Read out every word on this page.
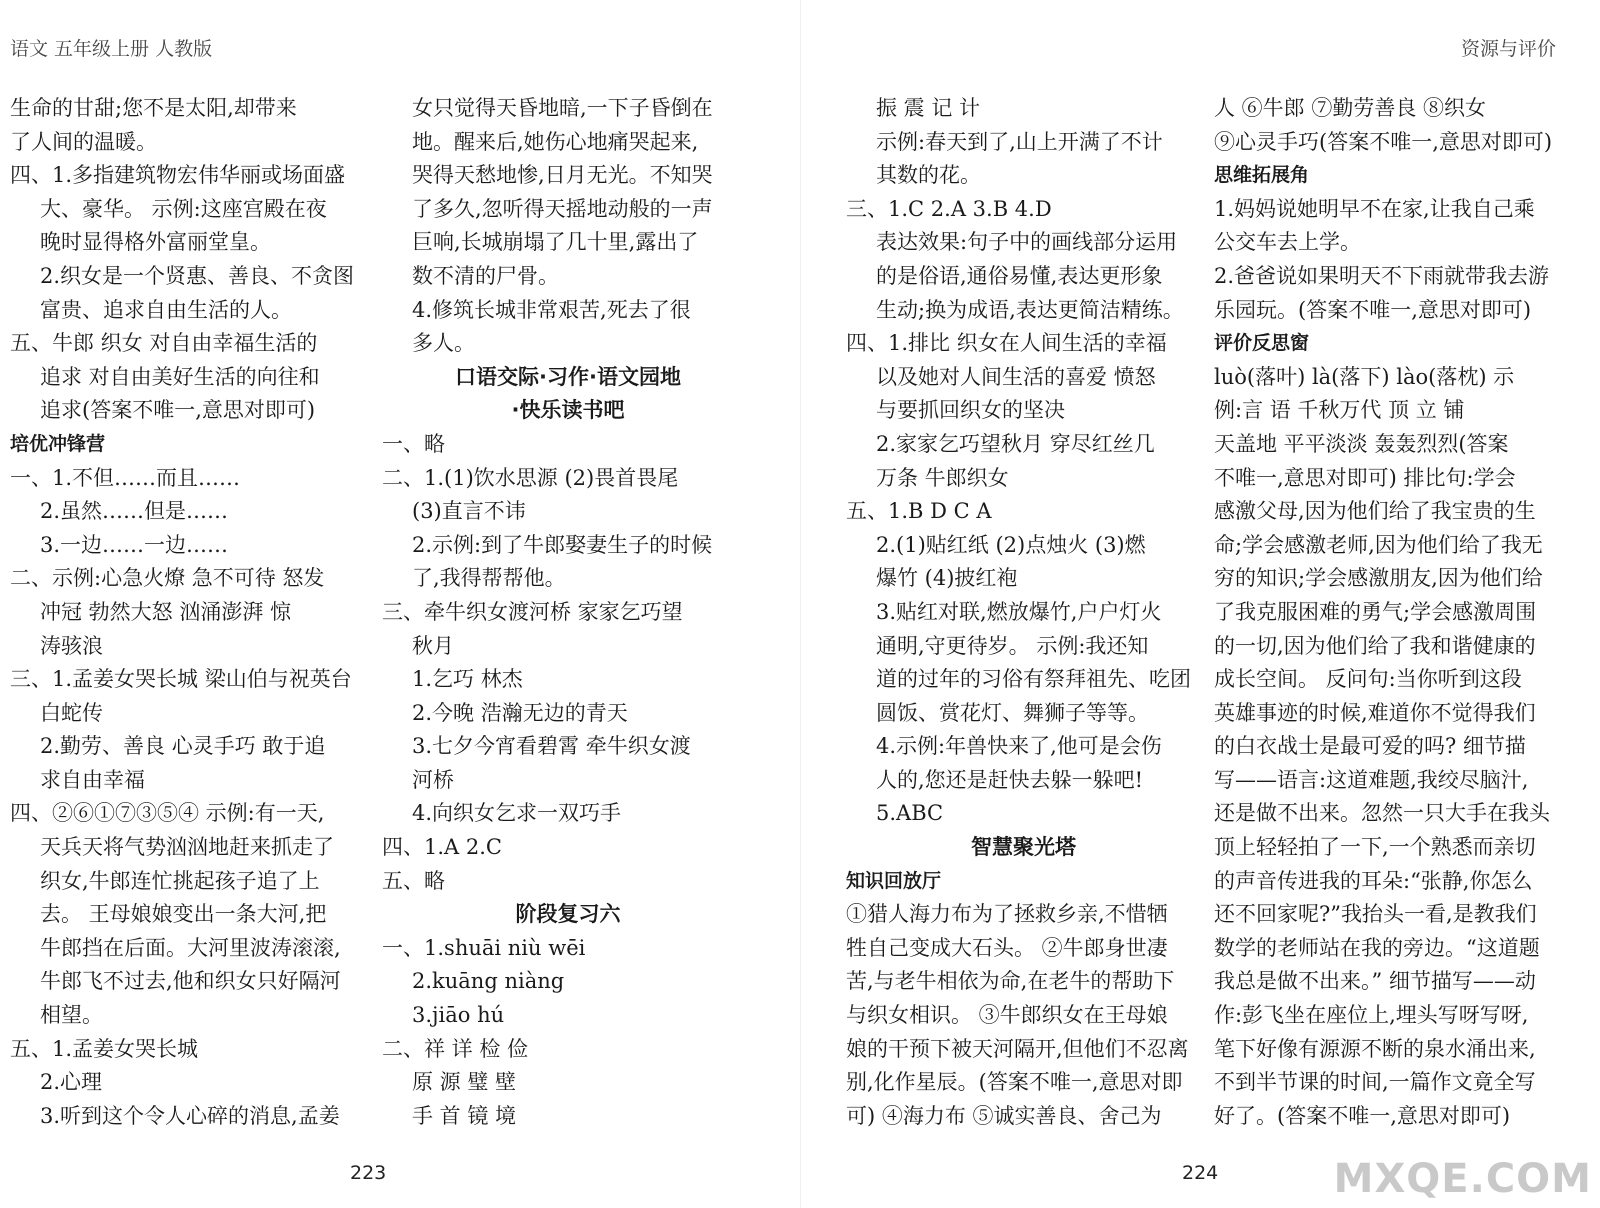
语文 五年级上册 人教版	资源与评价
生命的甘甜;您不是太阳,却带来
了人间的温暖。
四、1.多指建筑物宏伟华丽或场面盛
大、豪华。 示例:这座宫殿在夜
晚时显得格外富丽堂皇。
2.织女是一个贤惠、善良、不贪图
富贵、追求自由生活的人。
五、牛郎 织女 对自由幸福生活的
追求 对自由美好生活的向往和
追求(答案不唯一,意思对即可)
培优冲锋营
一、1.不但……而且……
2.虽然……但是……
3.一边……一边……
二、示例:心急火燎 急不可待 怒发
冲冠 勃然大怒 汹涌澎湃 惊
涛骇浪
三、1.孟姜女哭长城 梁山伯与祝英台
白蛇传
2.勤劳、善良 心灵手巧 敢于追
求自由幸福
四、②⑥①⑦③⑤④ 示例:有一天,
天兵天将气势汹汹地赶来抓走了
织女,牛郎连忙挑起孩子追了上
去。 王母娘娘变出一条大河,把
牛郎挡在后面。大河里波涛滚滚,
牛郎飞不过去,他和织女只好隔河
相望。
五、1.孟姜女哭长城
2.心理
3.听到这个令人心碎的消息,孟姜
女只觉得天昏地暗,一下子昏倒在
地。醒来后,她伤心地痛哭起来,
哭得天愁地惨,日月无光。不知哭
了多久,忽听得天摇地动般的一声
巨响,长城崩塌了几十里,露出了
数不清的尸骨。
4.修筑长城非常艰苦,死去了很
多人。
口语交际·习作·语文园地
·快乐读书吧
一、略
二、1.(1)饮水思源 (2)畏首畏尾
(3)直言不讳
2.示例:到了牛郎娶妻生子的时候
了,我得帮帮他。
三、牵牛织女渡河桥 家家乞巧望
秋月
1.乞巧 林杰
2.今晚 浩瀚无边的青天
3.七夕今宵看碧霄 牵牛织女渡
河桥
4.向织女乞求一双巧手
四、1.A 2.C
五、略
阶段复习六
一、1.shuāi niù wēi
2.kuāng niàng
3.jiāo hú
二、祥 详 检 俭
原 源 璧 壁
手 首 镜 境
振 震 记 计
示例:春天到了,山上开满了不计
其数的花。
三、1.C 2.A 3.B 4.D
表达效果:句子中的画线部分运用
的是俗语,通俗易懂,表达更形象
生动;换为成语,表达更简洁精练。
四、1.排比 织女在人间生活的幸福
以及她对人间生活的喜爱 愤怒
与要抓回织女的坚决
2.家家乞巧望秋月 穿尽红丝几
万条 牛郎织女
五、1.B D C A
2.(1)贴红纸 (2)点烛火 (3)燃
爆竹 (4)披红袍
3.贴红对联,燃放爆竹,户户灯火
通明,守更待岁。 示例:我还知
道的过年的习俗有祭拜祖先、吃团
圆饭、赏花灯、舞狮子等等。
4.示例:年兽快来了,他可是会伤
人的,您还是赶快去躲一躲吧!
5.ABC
智慧聚光塔
知识回放厅
①猎人海力布为了拯救乡亲,不惜牺
牲自己变成大石头。 ②牛郎身世凄
苦,与老牛相依为命,在老牛的帮助下
与织女相识。 ③牛郎织女在王母娘
娘的干预下被天河隔开,但他们不忍离
别,化作星辰。(答案不唯一,意思对即
可) ④海力布 ⑤诚实善良、舍己为
人 ⑥牛郎 ⑦勤劳善良 ⑧织女
⑨心灵手巧(答案不唯一,意思对即可)
思维拓展角
1.妈妈说她明早不在家,让我自己乘
公交车去上学。
2.爸爸说如果明天不下雨就带我去游
乐园玩。(答案不唯一,意思对即可)
评价反思窗
luò(落叶) là(落下) lào(落枕) 示
例:言 语 千秋万代 顶 立 铺
天盖地 平平淡淡 轰轰烈烈(答案
不唯一,意思对即可) 排比句:学会
感激父母,因为他们给了我宝贵的生
命;学会感激老师,因为他们给了我无
穷的知识;学会感激朋友,因为他们给
了我克服困难的勇气;学会感激周围
的一切,因为他们给了我和谐健康的
成长空间。 反问句:当你听到这段
英雄事迹的时候,难道你不觉得我们
的白衣战士是最可爱的吗? 细节描
写——语言:这道难题,我绞尽脑汁,
还是做不出来。忽然一只大手在我头
顶上轻轻拍了一下,一个熟悉而亲切
的声音传进我的耳朵:“张静,你怎么
还不回家呢?”我抬头一看,是教我们
数学的老师站在我的旁边。“这道题
我总是做不出来。” 细节描写——动
作:彭飞坐在座位上,埋头写呀写呀,
笔下好像有源源不断的泉水涌出来,
不到半节课的时间,一篇作文竟全写
好了。(答案不唯一,意思对即可)
223	224	MXQE.COM
